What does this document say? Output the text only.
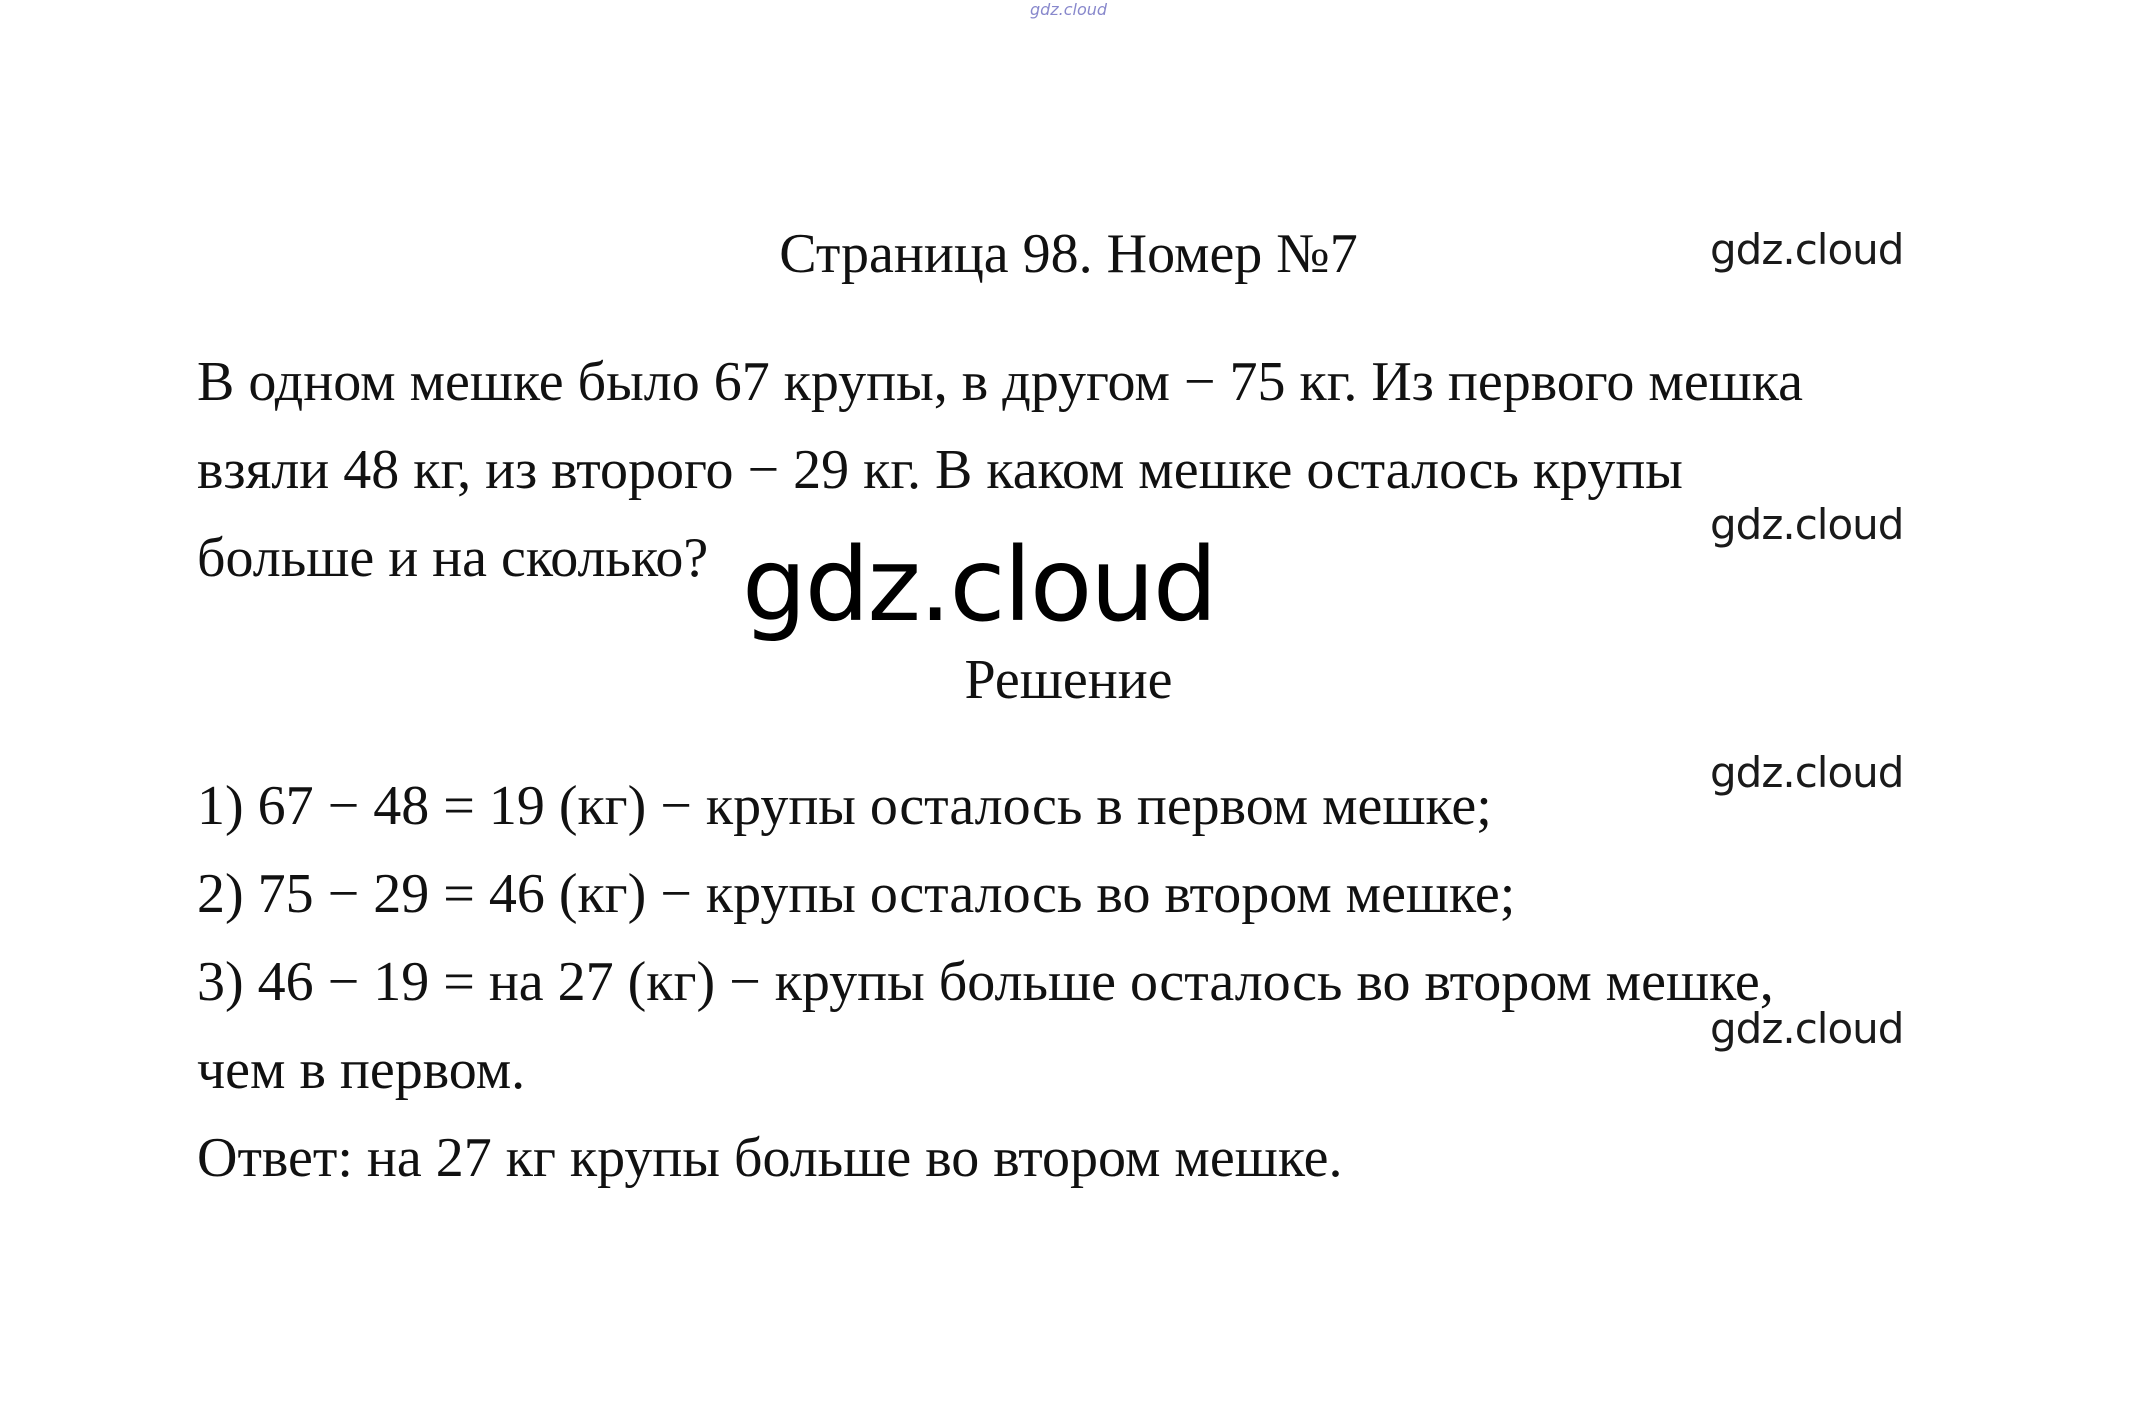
gdz.cloud
Страница 98. Номер №7	gdz.cloud
В одном мешке было 67 крупы, в другом − 75 кг. Из первого мешка
взяли 48 кг, из второго − 29 кг. В каком мешке осталось крупы
больше и на сколько?
gdz.cloud
gdz.cloud
Решение
gdz.cloud
1) 67 − 48 = 19 (кг) − крупы осталось в первом мешке;
2) 75 − 29 = 46 (кг) − крупы осталось во втором мешке;
3) 46 − 19 = на 27 (кг) − крупы больше осталось во втором мешке,
gdz.cloud
чем в первом.
Ответ: на 27 кг крупы больше во втором мешке.
